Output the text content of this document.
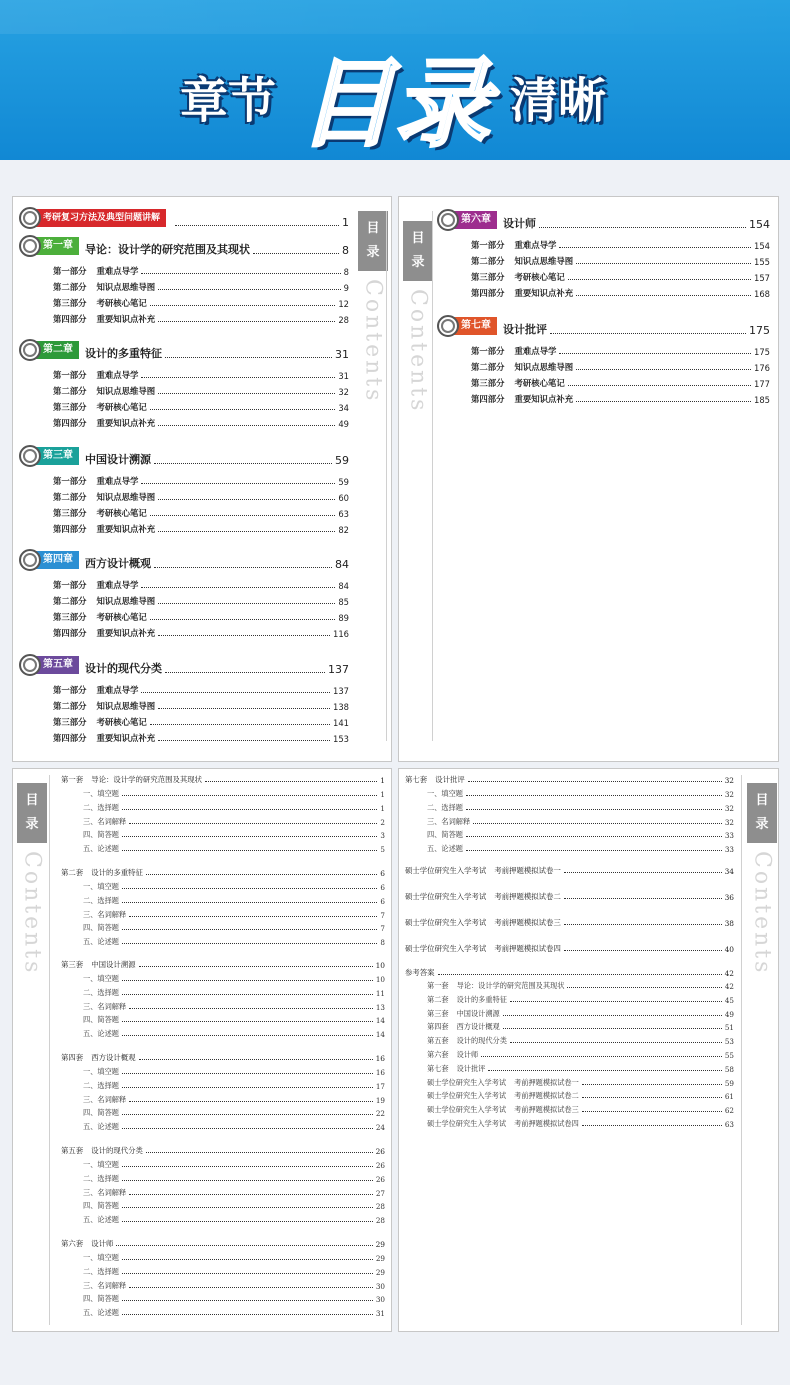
章节 目录 清晰
目
录
Contents
考研复习方法及典型问题讲解	1
第一章	导论：设计学的研究范围及其现状	8
第一部分 重难点导学	8
第二部分 知识点思维导图	9
第三部分 考研核心笔记	12
第四部分 重要知识点补充	28
第二章	设计的多重特征	31
第一部分 重难点导学	31
第二部分 知识点思维导图	32
第三部分 考研核心笔记	34
第四部分 重要知识点补充	49
第三章	中国设计溯源	59
第一部分 重难点导学	59
第二部分 知识点思维导图	60
第三部分 考研核心笔记	63
第四部分 重要知识点补充	82
第四章	西方设计概观	84
第一部分 重难点导学	84
第二部分 知识点思维导图	85
第三部分 考研核心笔记	89
第四部分 重要知识点补充	116
第五章	设计的现代分类	137
第一部分 重难点导学	137
第二部分 知识点思维导图	138
第三部分 考研核心笔记	141
第四部分 重要知识点补充	153
目
录
Contents
第六章	设计师	154
第一部分 重难点导学	154
第二部分 知识点思维导图	155
第三部分 考研核心笔记	157
第四部分 重要知识点补充	168
第七章	设计批评	175
第一部分 重难点导学	175
第二部分 知识点思维导图	176
第三部分 考研核心笔记	177
第四部分 重要知识点补充	185
目
录
Contents
第一套 导论：设计学的研究范围及其现状	1
一、填空题	1
二、选择题	1
三、名词解释	2
四、简答题	3
五、论述题	5
第二套 设计的多重特征	6
一、填空题	6
二、选择题	6
三、名词解释	7
四、简答题	7
五、论述题	8
第三套 中国设计溯源	10
一、填空题	10
二、选择题	11
三、名词解释	13
四、简答题	14
五、论述题	14
第四套 西方设计概观	16
一、填空题	16
二、选择题	17
三、名词解释	19
四、简答题	22
五、论述题	24
第五套 设计的现代分类	26
一、填空题	26
二、选择题	26
三、名词解释	27
四、简答题	28
五、论述题	28
第六套 设计师	29
一、填空题	29
二、选择题	29
三、名词解释	30
四、简答题	30
五、论述题	31
目
录
Contents
第七套 设计批评	32
一、填空题	32
二、选择题	32
三、名词解释	32
四、简答题	33
五、论述题	33
硕士学位研究生入学考试 考前押题模拟试卷一	34
硕士学位研究生入学考试 考前押题模拟试卷二	36
硕士学位研究生入学考试 考前押题模拟试卷三	38
硕士学位研究生入学考试 考前押题模拟试卷四	40
参考答案	42
第一套 导论：设计学的研究范围及其现状	42
第二套 设计的多重特征	45
第三套 中国设计溯源	49
第四套 西方设计概观	51
第五套 设计的现代分类	53
第六套 设计师	55
第七套 设计批评	58
硕士学位研究生入学考试 考前押题模拟试卷一	59
硕士学位研究生入学考试 考前押题模拟试卷二	61
硕士学位研究生入学考试 考前押题模拟试卷三	62
硕士学位研究生入学考试 考前押题模拟试卷四	63
